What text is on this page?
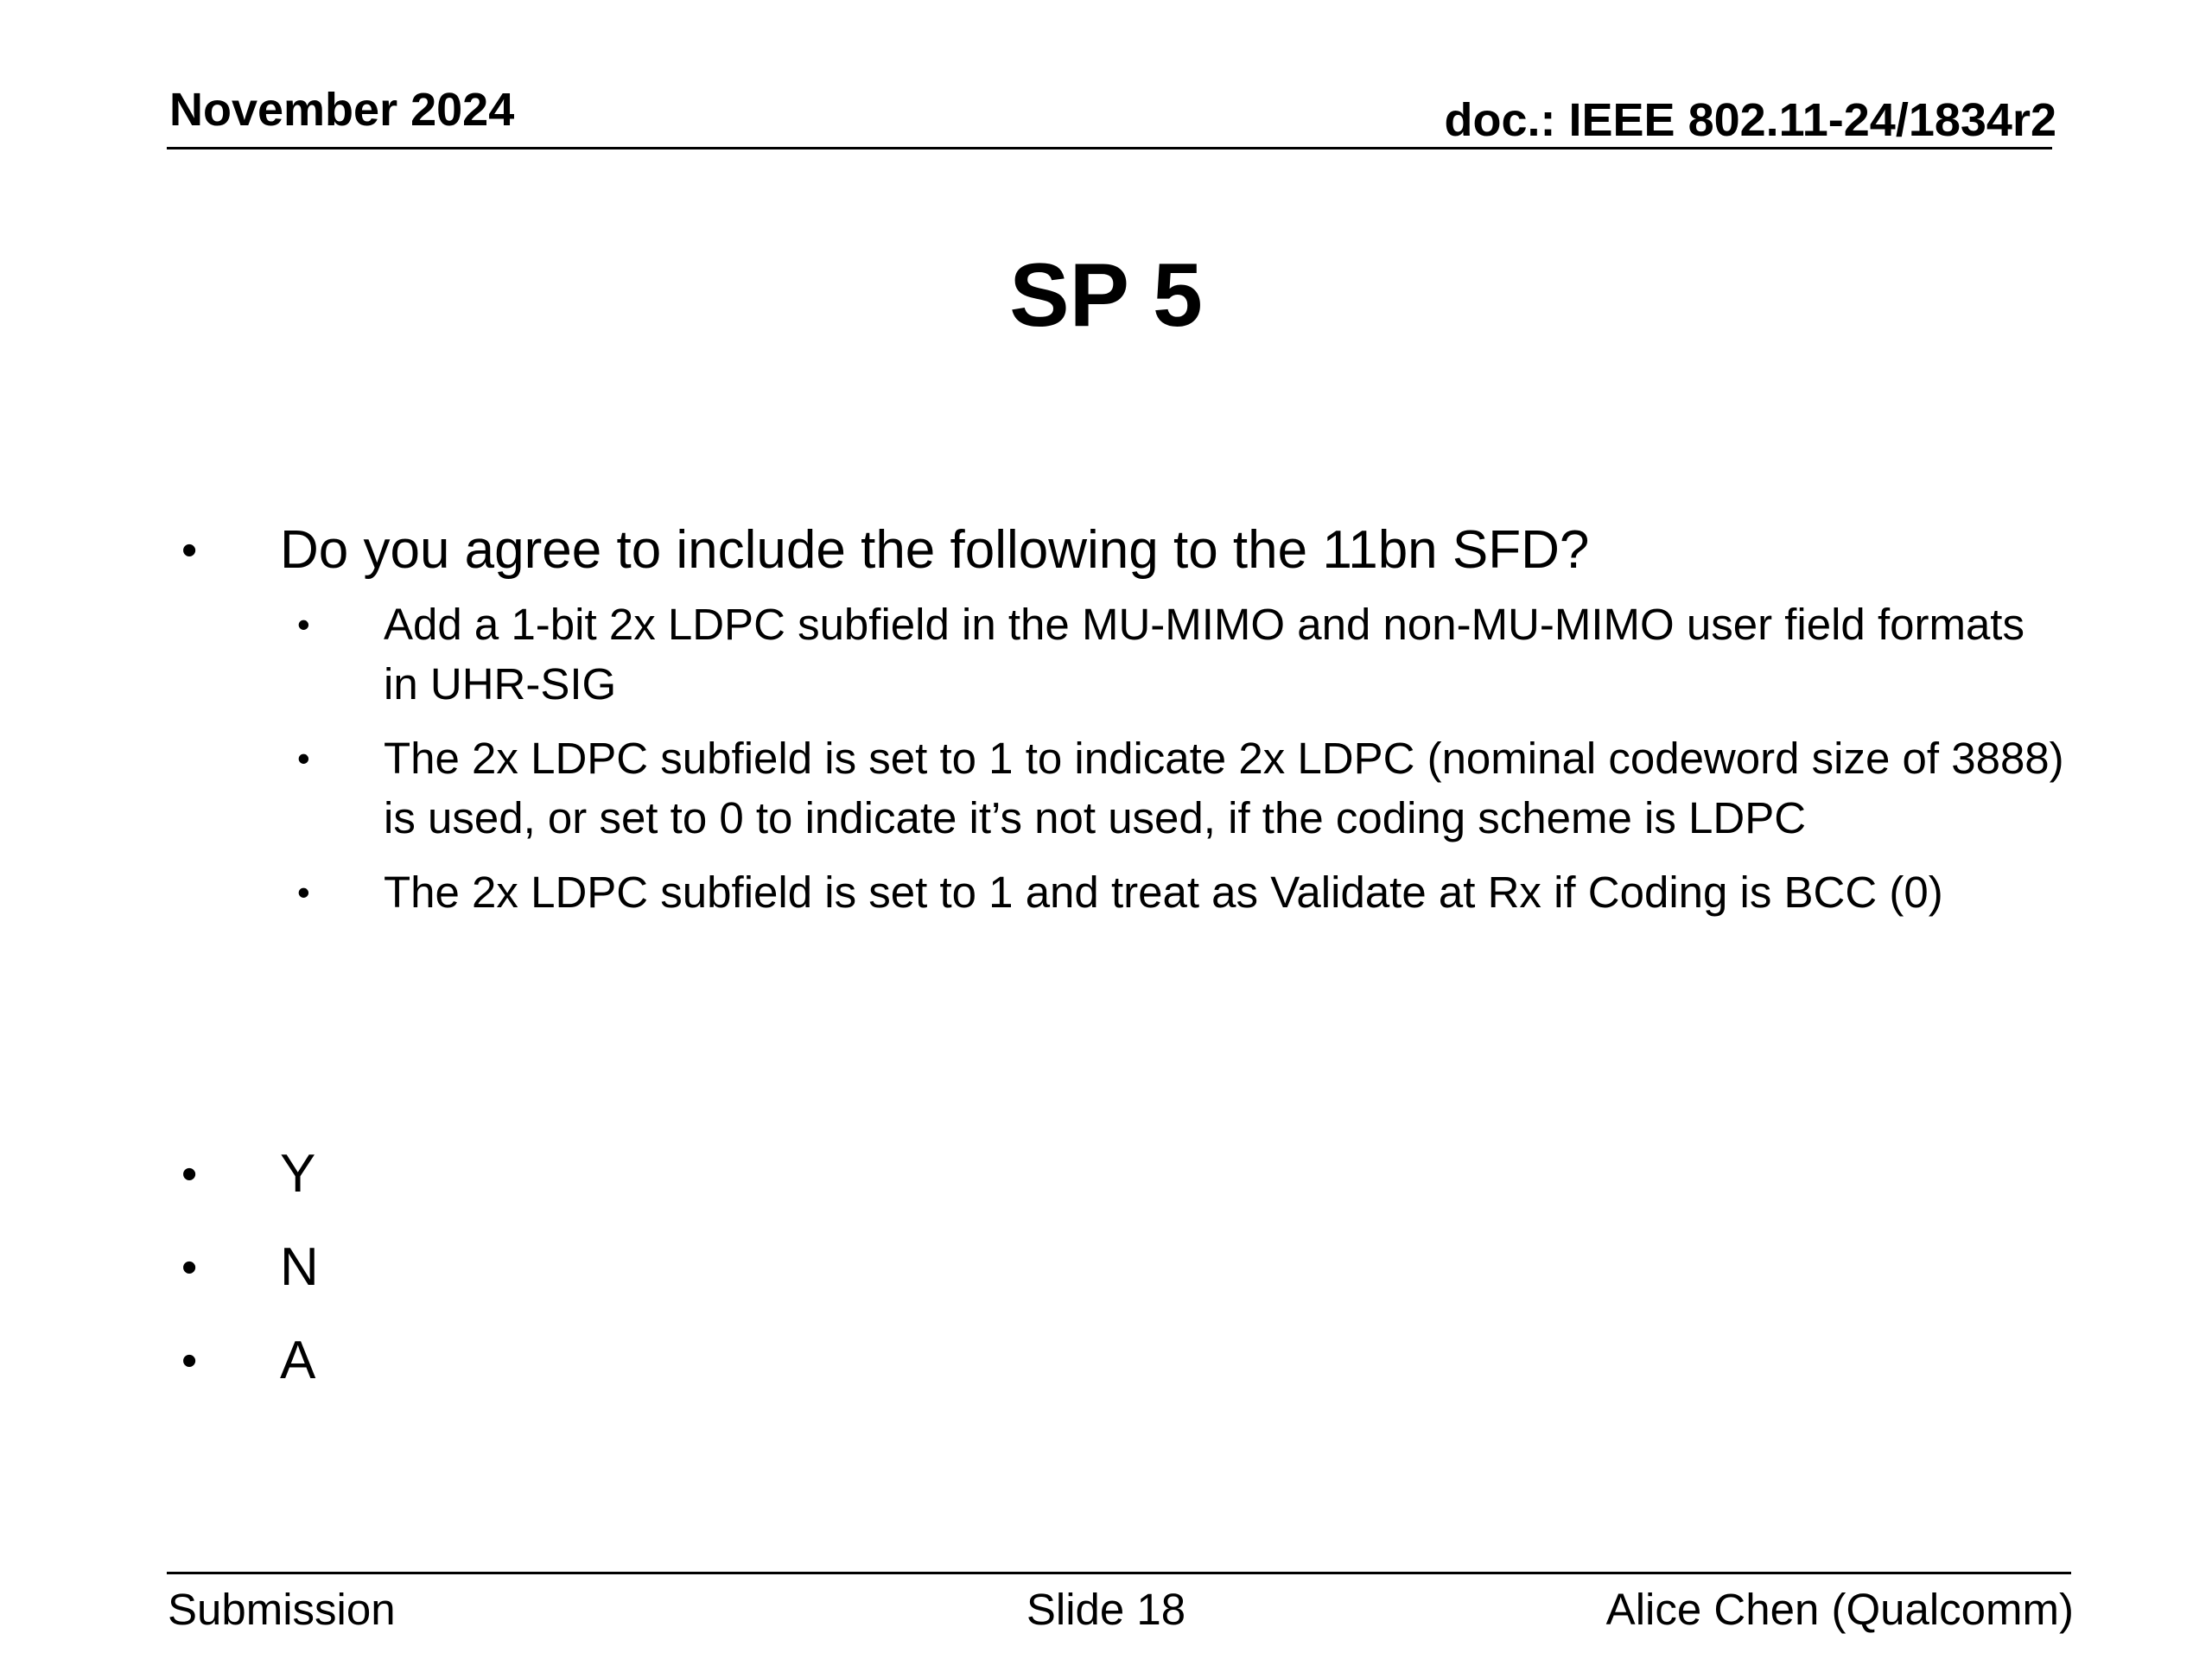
November 2024	doc.: IEEE 802.11-24/1834r2
SP 5
• Do you agree to include the following to the 11bn SFD?
• Add a 1-bit 2x LDPC subfield in the MU-MIMO and non-MU-MIMO user field formats in UHR-SIG
• The 2x LDPC subfield is set to 1 to indicate 2x LDPC (nominal codeword size of 3888) is used, or set to 0 to indicate it’s not used, if the coding scheme is LDPC
• The 2x LDPC subfield is set to 1 and treat as Validate at Rx if Coding is BCC (0)
• Y
• N
• A
Submission	Slide 18	Alice Chen (Qualcomm)
